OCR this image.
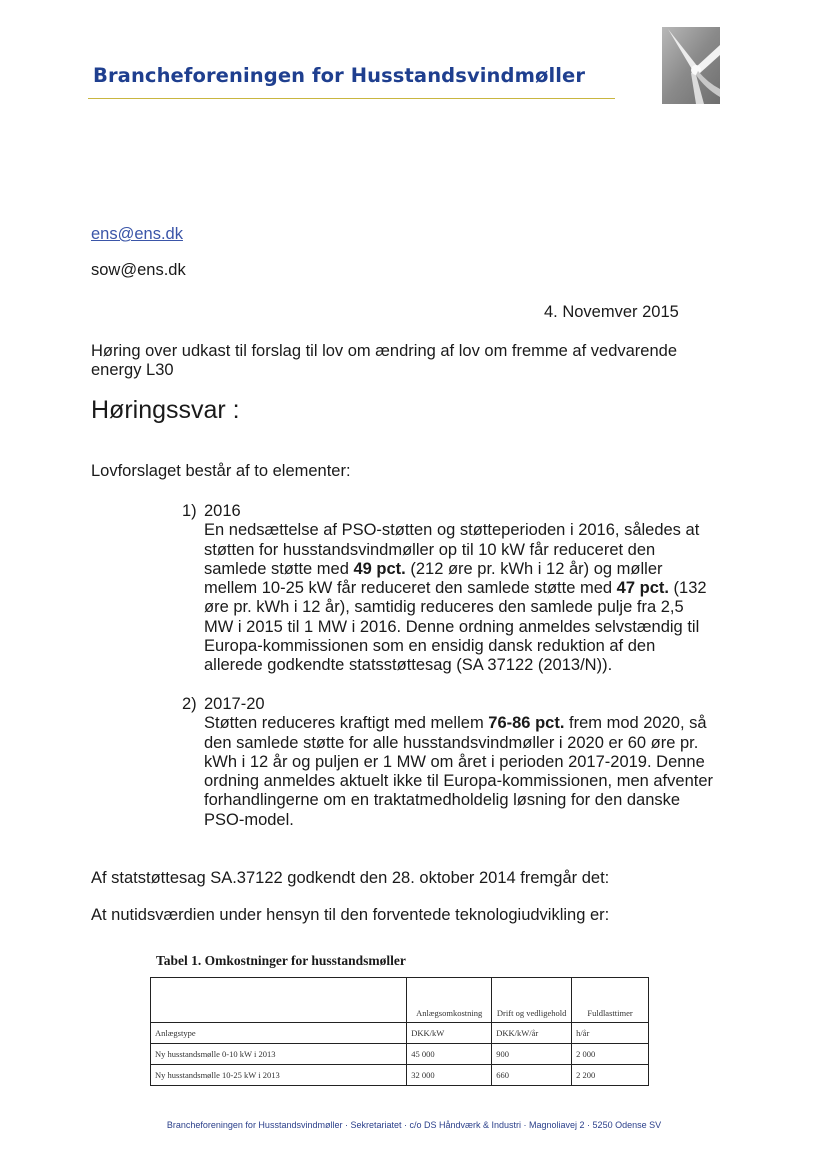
Brancheforeningen for Husstandsvindmøller
ens@ens.dk
sow@ens.dk
4. Novemver 2015
Høring over udkast til forslag til lov om ændring af lov om fremme af vedvarende energy L30
Høringssvar :
Lovforslaget består af to elementer:
1) 2016
En nedsættelse af PSO-støtten og støtteperioden i 2016, således at støtten for husstandsvindmøller op til 10 kW får reduceret den samlede støtte med 49 pct. (212 øre pr. kWh i 12 år) og møller mellem 10-25 kW får reduceret den samlede støtte med 47 pct. (132 øre pr. kWh i 12 år), samtidig reduceres den samlede pulje fra 2,5 MW i 2015 til 1 MW i 2016. Denne ordning anmeldes selvstændig til Europa-kommissionen som en ensidig dansk reduktion af den allerede godkendte statsstøttesag (SA 37122 (2013/N)).
2) 2017-20
Støtten reduceres kraftigt med mellem 76-86 pct. frem mod 2020, så den samlede støtte for alle husstandsvindmøller i 2020 er 60 øre pr. kWh i 12 år og puljen er 1 MW om året i perioden 2017-2019. Denne ordning anmeldes aktuelt ikke til Europa-kommissionen, men afventer forhandlingerne om en traktatmedholdelig løsning for den danske PSO-model.
Af statstøttesag SA.37122 godkendt den 28. oktober 2014 fremgår det:
At nutidsværdien under hensyn til den forventede teknologiudvikling er:
Tabel 1. Omkostninger for husstandsmøller
	Anlægsomkostning	Drift og vedligehold	Fuldlasttimer
Anlægstype	DKK/kW	DKK/kW/år	h/år
Ny husstandsmølle 0-10 kW i 2013	45 000	900	2 000
Ny husstandsmølle 10-25 kW i 2013	32 000	660	2 200
Brancheforeningen for Husstandsvindmøller · Sekretariatet · c/o DS Håndværk & Industri · Magnoliavej 2 · 5250 Odense SV
